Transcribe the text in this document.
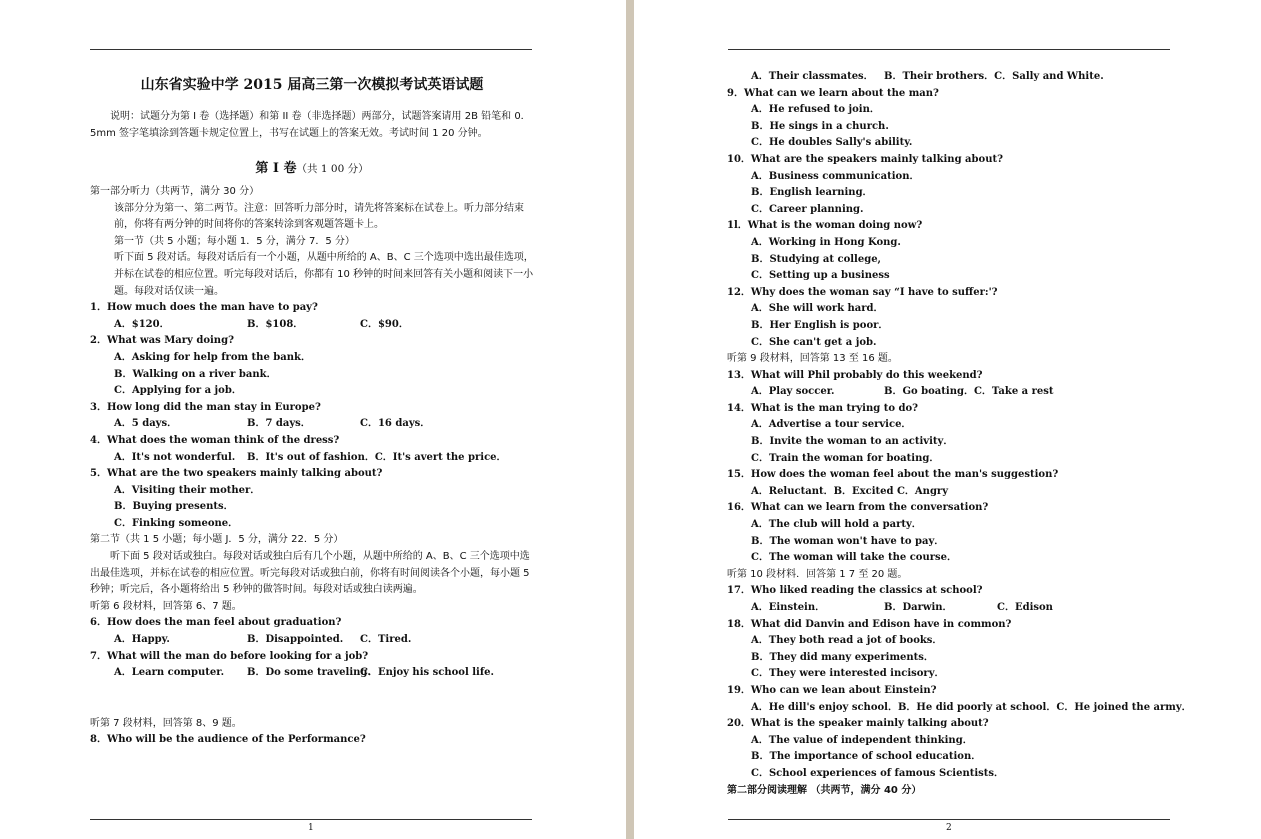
山东省实验中学 2015 届高三第一次模拟考试英语试题
说明：试题分为第 I 卷（选择题）和第 II 卷（非选择题）两部分，试题答案请用 2B 铅笔和 0．5mm 签字笔填涂到答题卡规定位置上，书写在试题上的答案无效。考试时间 1 20 分钟。
第 Ⅰ 卷（共 1 00 分）
第一部分听力（共两节，满分 30 分）
该部分分为第一、第二两节。注意：回答听力部分时，请先将答案标在试卷上。听力部分结束前，你将有两分钟的时间将你的答案转涂到客观题答题卡上。
第一节（共 5 小题；每小题 1．5 分，满分 7．5 分）
听下面 5 段对话。每段对话后有一个小题，从题中所给的 A、B、C 三个选项中选出最佳选项，并标在试卷的相应位置。听完每段对话后，你都有 10 秒钟的时间来回答有关小题和阅读下一小题。每段对话仅读一遍。
1．How much does the man have to pay?
A．$120．	B．$108．	C．$90．
2．What was Mary doing?
A．Asking for help from the bank．
B．Walking on a river bank．
C．Applying for a job．
3．How long did the man stay in Europe?
A．5 days．	B．7 days．	C．16 days．
4．What does the woman think of the dress?
A．It's not wonderful.	B．It's out of fashion．C．It's avert the price．
5．What are the two speakers mainly talking about?
A．Visiting their mother．
B．Buying presents．
C．Finking someone．
第二节（共 1 5 小题；每小题 J．5 分，满分 22．5 分）
听下面 5 段对话或独白。每段对话或独白后有几个小题，从题中所给的 A、B、C 三个选项中选出最佳选项，并标在试卷的相应位置。听完每段对话或独白前，你将有时间阅读各个小题，每小题 5 秒钟；听完后，各小题将给出 5 秒钟的做答时间。每段对话或独白读两遍。
听第 6 段材料，回答第 6、7 题。
6．How does the man feel about graduation?
A．Happy.	B．Disappointed.	C．Tired.
7．What will the man do before looking for a job?
A．Learn computer.	B．Do some traveling.
C．Enjoy his school life.
听第 7 段材料，回答第 8、9 题。
8．Who will be the audience of the Performance?
1	2
A．Their classmates．	B．Their brothers．C．Sally and White.
9．What can we learn about the man?
A．He refused to join．
B．He sings in a church.
C．He doubles Sally's ability.
10．What are the speakers mainly talking about?
A．Business communication．
B．English learning．
C．Career planning.
1l．What is the woman doing now?
A．Working in Hong Kong.
B．Studying at college,
C．Setting up a business
12．Why does the woman say “I have to suffer:'?
A．She will work hard．
B．Her English is poor．
C．She can't get a job.
听第 9 段材料，回答第 13 至 16 题。
13．What will Phil probably do this weekend?
A．Play soccer.	B．Go boating．C．Take a rest
14．What is the man trying to do?
A．Advertise a tour service．
B．Invite the woman to an activity．
C．Train the woman for boating．
15．How does the woman feel about the man's suggestion?
A．Reluctant．B．Excited C．Angry
16．What can we learn from the conversation?
A．The club will hold a party．
B．The woman won't have to pay．
C．The woman will take the course．
听第 10 段材料．回答第 1 7 至 20 题。
17．Who liked reading the classics at school?
A．Einstein．	B．Darwin．	C．Edison
18．What did Danvin and Edison have in common?
A．They both read a jot of books．
B．They did many experiments．
C．They were interested incisory．
19．Who can we lean about Einstein?
A．He dill's enjoy school．B．He did poorly at school．C．He joined the army．
20．What is the speaker mainly talking about?
A．The value of independent thinking．
B．The importance of school education．
C．School experiences of famous Scientists．
第二部分阅读理解 （共两节，满分 40 分）
